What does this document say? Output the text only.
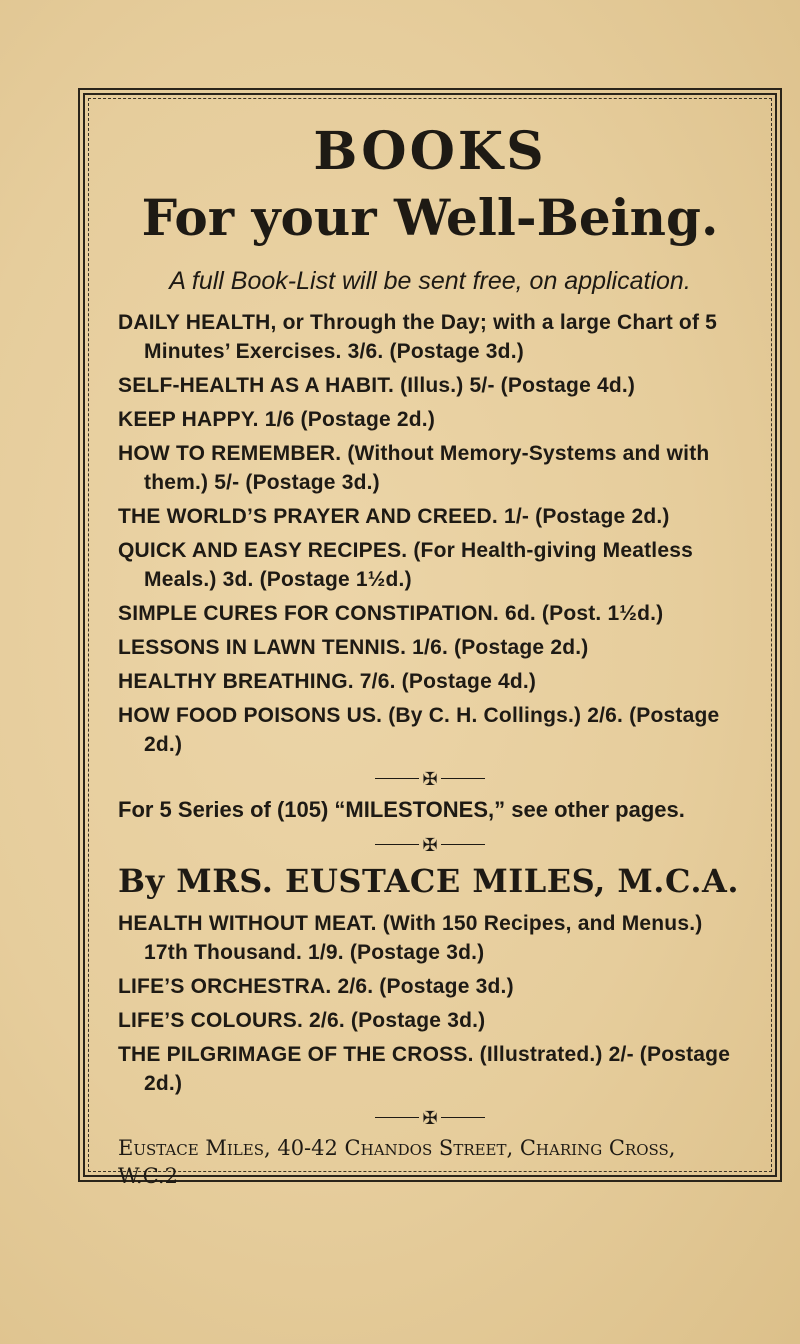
BOOKS
For your Well-Being.
A full Book-List will be sent free, on application.
DAILY HEALTH, or Through the Day; with a large Chart of 5 Minutes’ Exercises. 3/6. (Postage 3d.)
SELF-HEALTH AS A HABIT. (Illus.) 5/- (Postage 4d.)
KEEP HAPPY. 1/6 (Postage 2d.)
HOW TO REMEMBER. (Without Memory-Systems and with them.) 5/- (Postage 3d.)
THE WORLD’S PRAYER AND CREED. 1/- (Postage 2d.)
QUICK AND EASY RECIPES. (For Health-giving Meatless Meals.) 3d. (Postage 1½d.)
SIMPLE CURES FOR CONSTIPATION. 6d. (Post. 1½d.)
LESSONS IN LAWN TENNIS. 1/6. (Postage 2d.)
HEALTHY BREATHING. 7/6. (Postage 4d.)
HOW FOOD POISONS US. (By C. H. Collings.) 2/6. (Postage 2d.)
✠
For 5 Series of (105) “MILESTONES,” see other pages.
✠
By MRS. EUSTACE MILES, M.C.A.
HEALTH WITHOUT MEAT. (With 150 Recipes, and Menus.) 17th Thousand. 1/9. (Postage 3d.)
LIFE’S ORCHESTRA. 2/6. (Postage 3d.)
LIFE’S COLOURS. 2/6. (Postage 3d.)
THE PILGRIMAGE OF THE CROSS. (Illustrated.) 2/- (Postage 2d.)
✠
Eustace Miles, 40-42 Chandos Street, Charing Cross, W.C.2
